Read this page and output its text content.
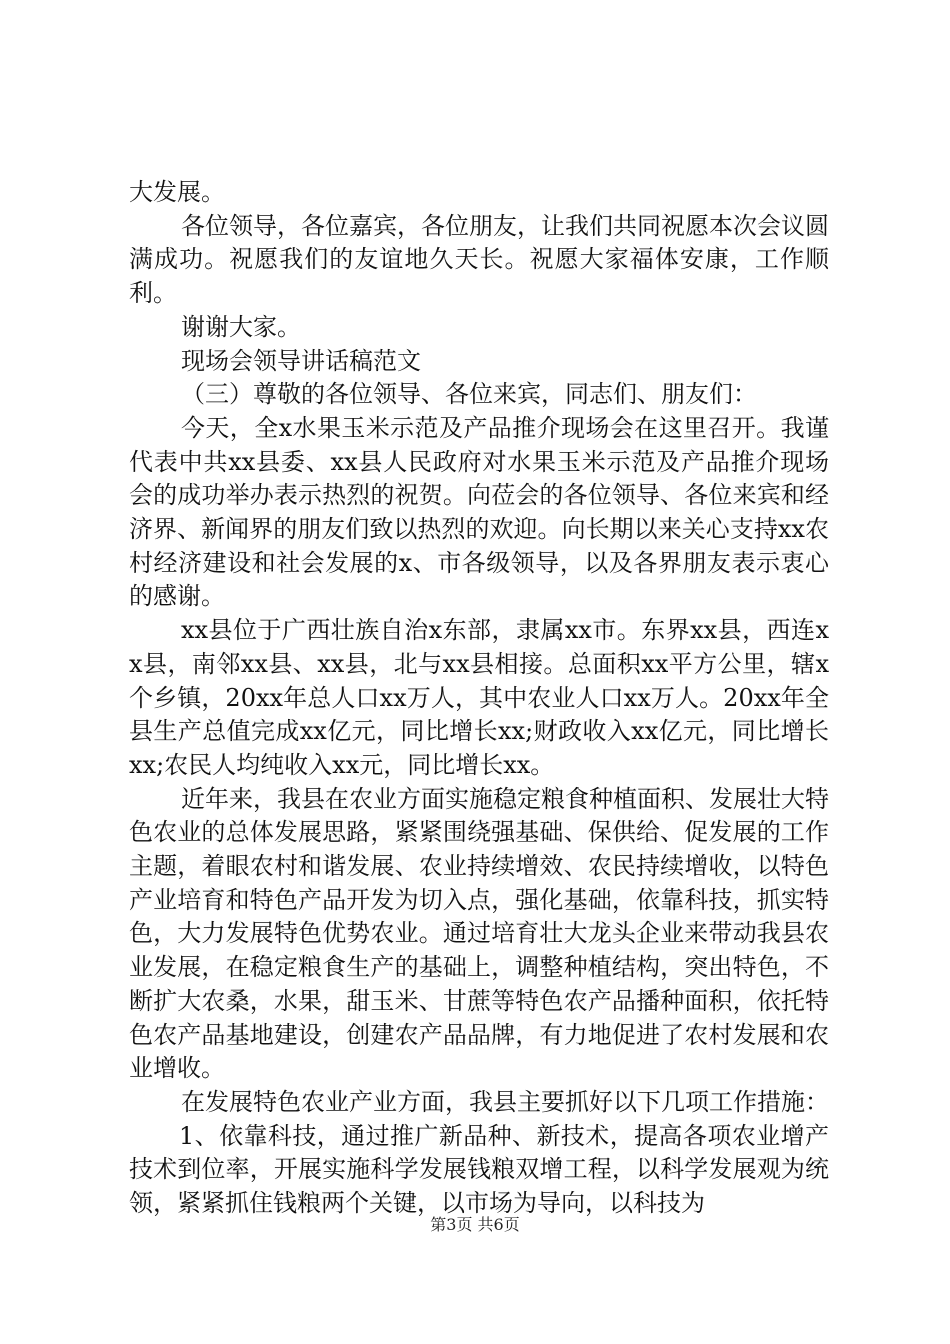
大发展。

各位领导，各位嘉宾，各位朋友，让我们共同祝愿本次会议圆满成功。祝愿我们的友谊地久天长。祝愿大家福体安康，工作顺利。

谢谢大家。

现场会领导讲话稿范文

（三）尊敬的各位领导、各位来宾，同志们、朋友们：

今天，全x水果玉米示范及产品推介现场会在这里召开。我谨代表中共xx县委、xx县人民政府对水果玉米示范及产品推介现场会的成功举办表示热烈的祝贺。向莅会的各位领导、各位来宾和经济界、新闻界的朋友们致以热烈的欢迎。向长期以来关心支持xx农村经济建设和社会发展的x、市各级领导，以及各界朋友表示衷心的感谢。

xx县位于广西壮族自治x东部，隶属xx市。东界xx县，西连xx县，南邻xx县、xx县，北与xx县相接。总面积xx平方公里，辖x个乡镇，20xx年总人口xx万人，其中农业人口xx万人。20xx年全县生产总值完成xx亿元，同比增长xx;财政收入xx亿元，同比增长xx;农民人均纯收入xx元，同比增长xx。

近年来，我县在农业方面实施稳定粮食种植面积、发展壮大特色农业的总体发展思路，紧紧围绕强基础、保供给、促发展的工作主题，着眼农村和谐发展、农业持续增效、农民持续增收，以特色产业培育和特色产品开发为切入点，强化基础，依靠科技，抓实特色，大力发展特色优势农业。通过培育壮大龙头企业来带动我县农业发展，在稳定粮食生产的基础上，调整种植结构，突出特色，不断扩大农桑，水果，甜玉米、甘蔗等特色农产品播种面积，依托特色农产品基地建设，创建农产品品牌，有力地促进了农村发展和农业增收。

在发展特色农业产业方面，我县主要抓好以下几项工作措施：

1、依靠科技，通过推广新品种、新技术，提高各项农业增产技术到位率，开展实施科学发展钱粮双增工程，以科学发展观为统领，紧紧抓住钱粮两个关键，以市场为导向，以科技为

第3页 共6页
